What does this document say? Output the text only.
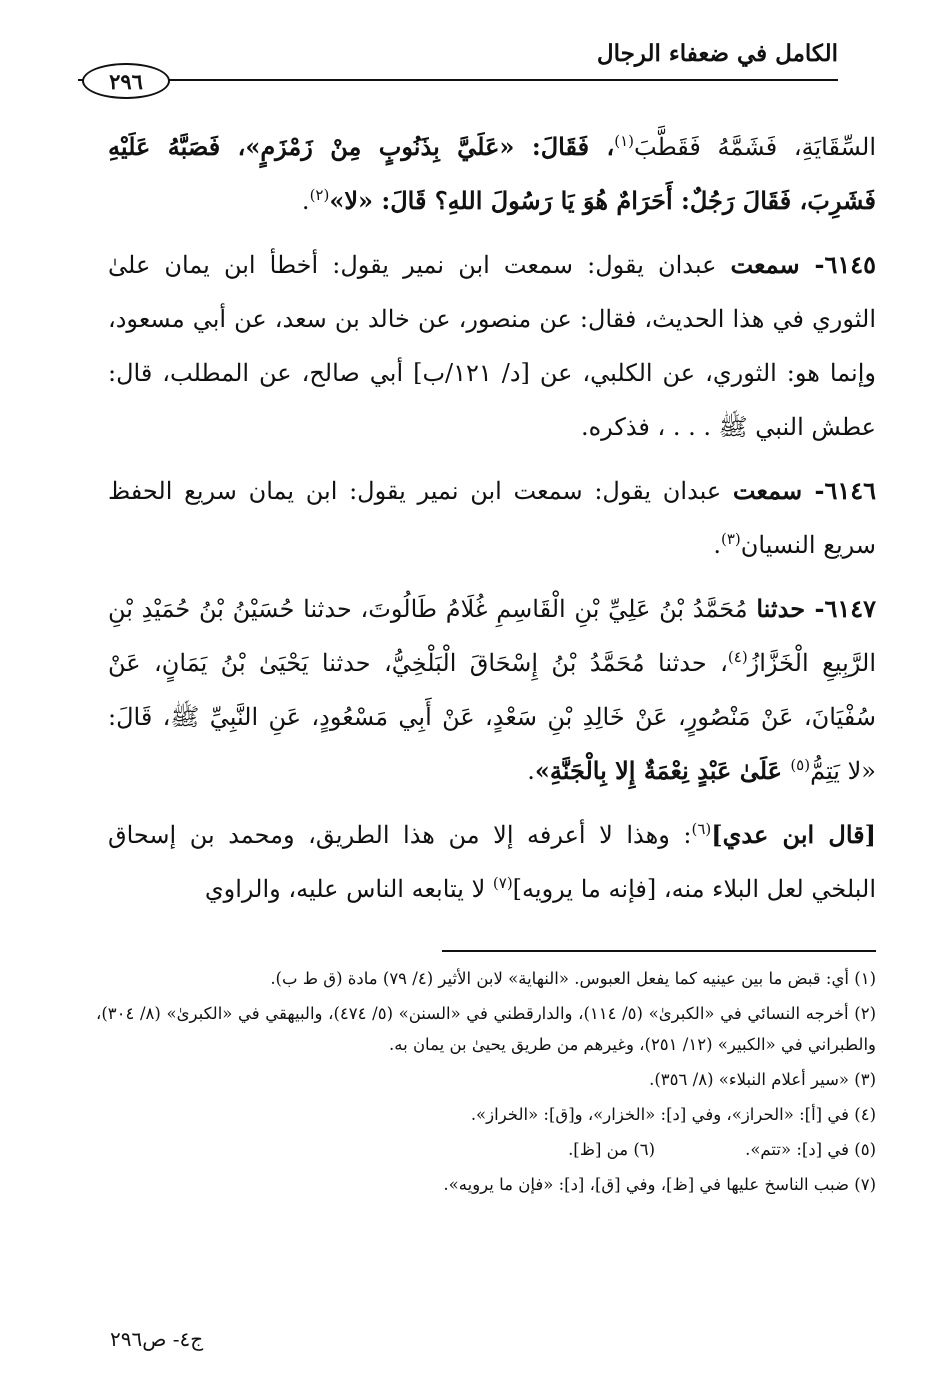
الكامل في ضعفاء الرجال
٢٩٦

السِّقَايَةِ، فَشَمَّهُ فَقَطَّبَ$^{(١)}$، فَقَالَ: «عَلَيَّ بِذَنُوبٍ مِنْ زَمْزَمٍ»، فَصَبَّهُ عَلَيْهِ فَشَرِبَ، فَقَالَ رَجُلٌ: أَحَرَامٌ هُوَ يَا رَسُولَ اللهِ؟ قَالَ: «لا»$^{(٢)}$.

٦١٤٥- سمعت عبدان يقول: سمعت ابن نمير يقول: أخطأ ابن يمان علىٰ الثوري في هذا الحديث، فقال: عن منصور، عن خالد بن سعد، عن أبي مسعود، وإنما هو: الثوري، عن الكلبي، عن [د/ ١٢١/ب] أبي صالح، عن المطلب، قال: عطش النبي ﷺ . . . ، فذكره.

٦١٤٦- سمعت عبدان يقول: سمعت ابن نمير يقول: ابن يمان سريع الحفظ سريع النسيان$^{(٣)}$.

٦١٤٧- حدثنا مُحَمَّدُ بْنُ عَلِيِّ بْنِ الْقَاسِمِ غُلَامُ طَالُوتَ، حدثنا حُسَيْنُ بْنُ حُمَيْدِ بْنِ الرَّبِيعِ الْخَزَّازُ$^{(٤)}$، حدثنا مُحَمَّدُ بْنُ إِسْحَاقَ الْبَلْخِيُّ، حدثنا يَحْيَىٰ بْنُ يَمَانٍ، عَنْ سُفْيَانَ، عَنْ مَنْصُورٍ، عَنْ خَالِدِ بْنِ سَعْدٍ، عَنْ أَبِي مَسْعُودٍ، عَنِ النَّبِيِّ ﷺ، قَالَ: «لا يَتِمُّ$^{(٥)}$ عَلَىٰ عَبْدٍ نِعْمَةٌ إِلا بِالْجَنَّةِ».

[قال ابن عدي]$^{(٦)}$: وهذا لا أعرفه إلا من هذا الطريق، ومحمد بن إسحاق البلخي لعل البلاء منه، [فإنه ما يرويه]$^{(٧)}$ لا يتابعه الناس عليه، والراوي

(١) أي: قبض ما بين عينيه كما يفعل العبوس. «النهاية» لابن الأثير (٤/ ٧٩) مادة (ق ط ب).

(٢) أخرجه النسائي في «الكبرىٰ» (٥/ ١١٤)، والدارقطني في «السنن» (٥/ ٤٧٤)، والبيهقي في «الكبرىٰ» (٨/ ٣٠٤)، والطبراني في «الكبير» (١٢/ ٢٥١)، وغيرهم من طريق يحيىٰ بن يمان به.

(٣) «سير أعلام النبلاء» (٨/ ٣٥٦).

(٤) في [أ]: «الحراز»، وفي [د]: «الخزار»، و[ق]: «الخراز».

(٥) في [د]: «تتم».
(٦) من [ظ].

(٧) ضبب الناسخ عليها في [ظ]، وفي [ق]، [د]: «فإن ما يرويه».

ج٤- ص٢٩٦
